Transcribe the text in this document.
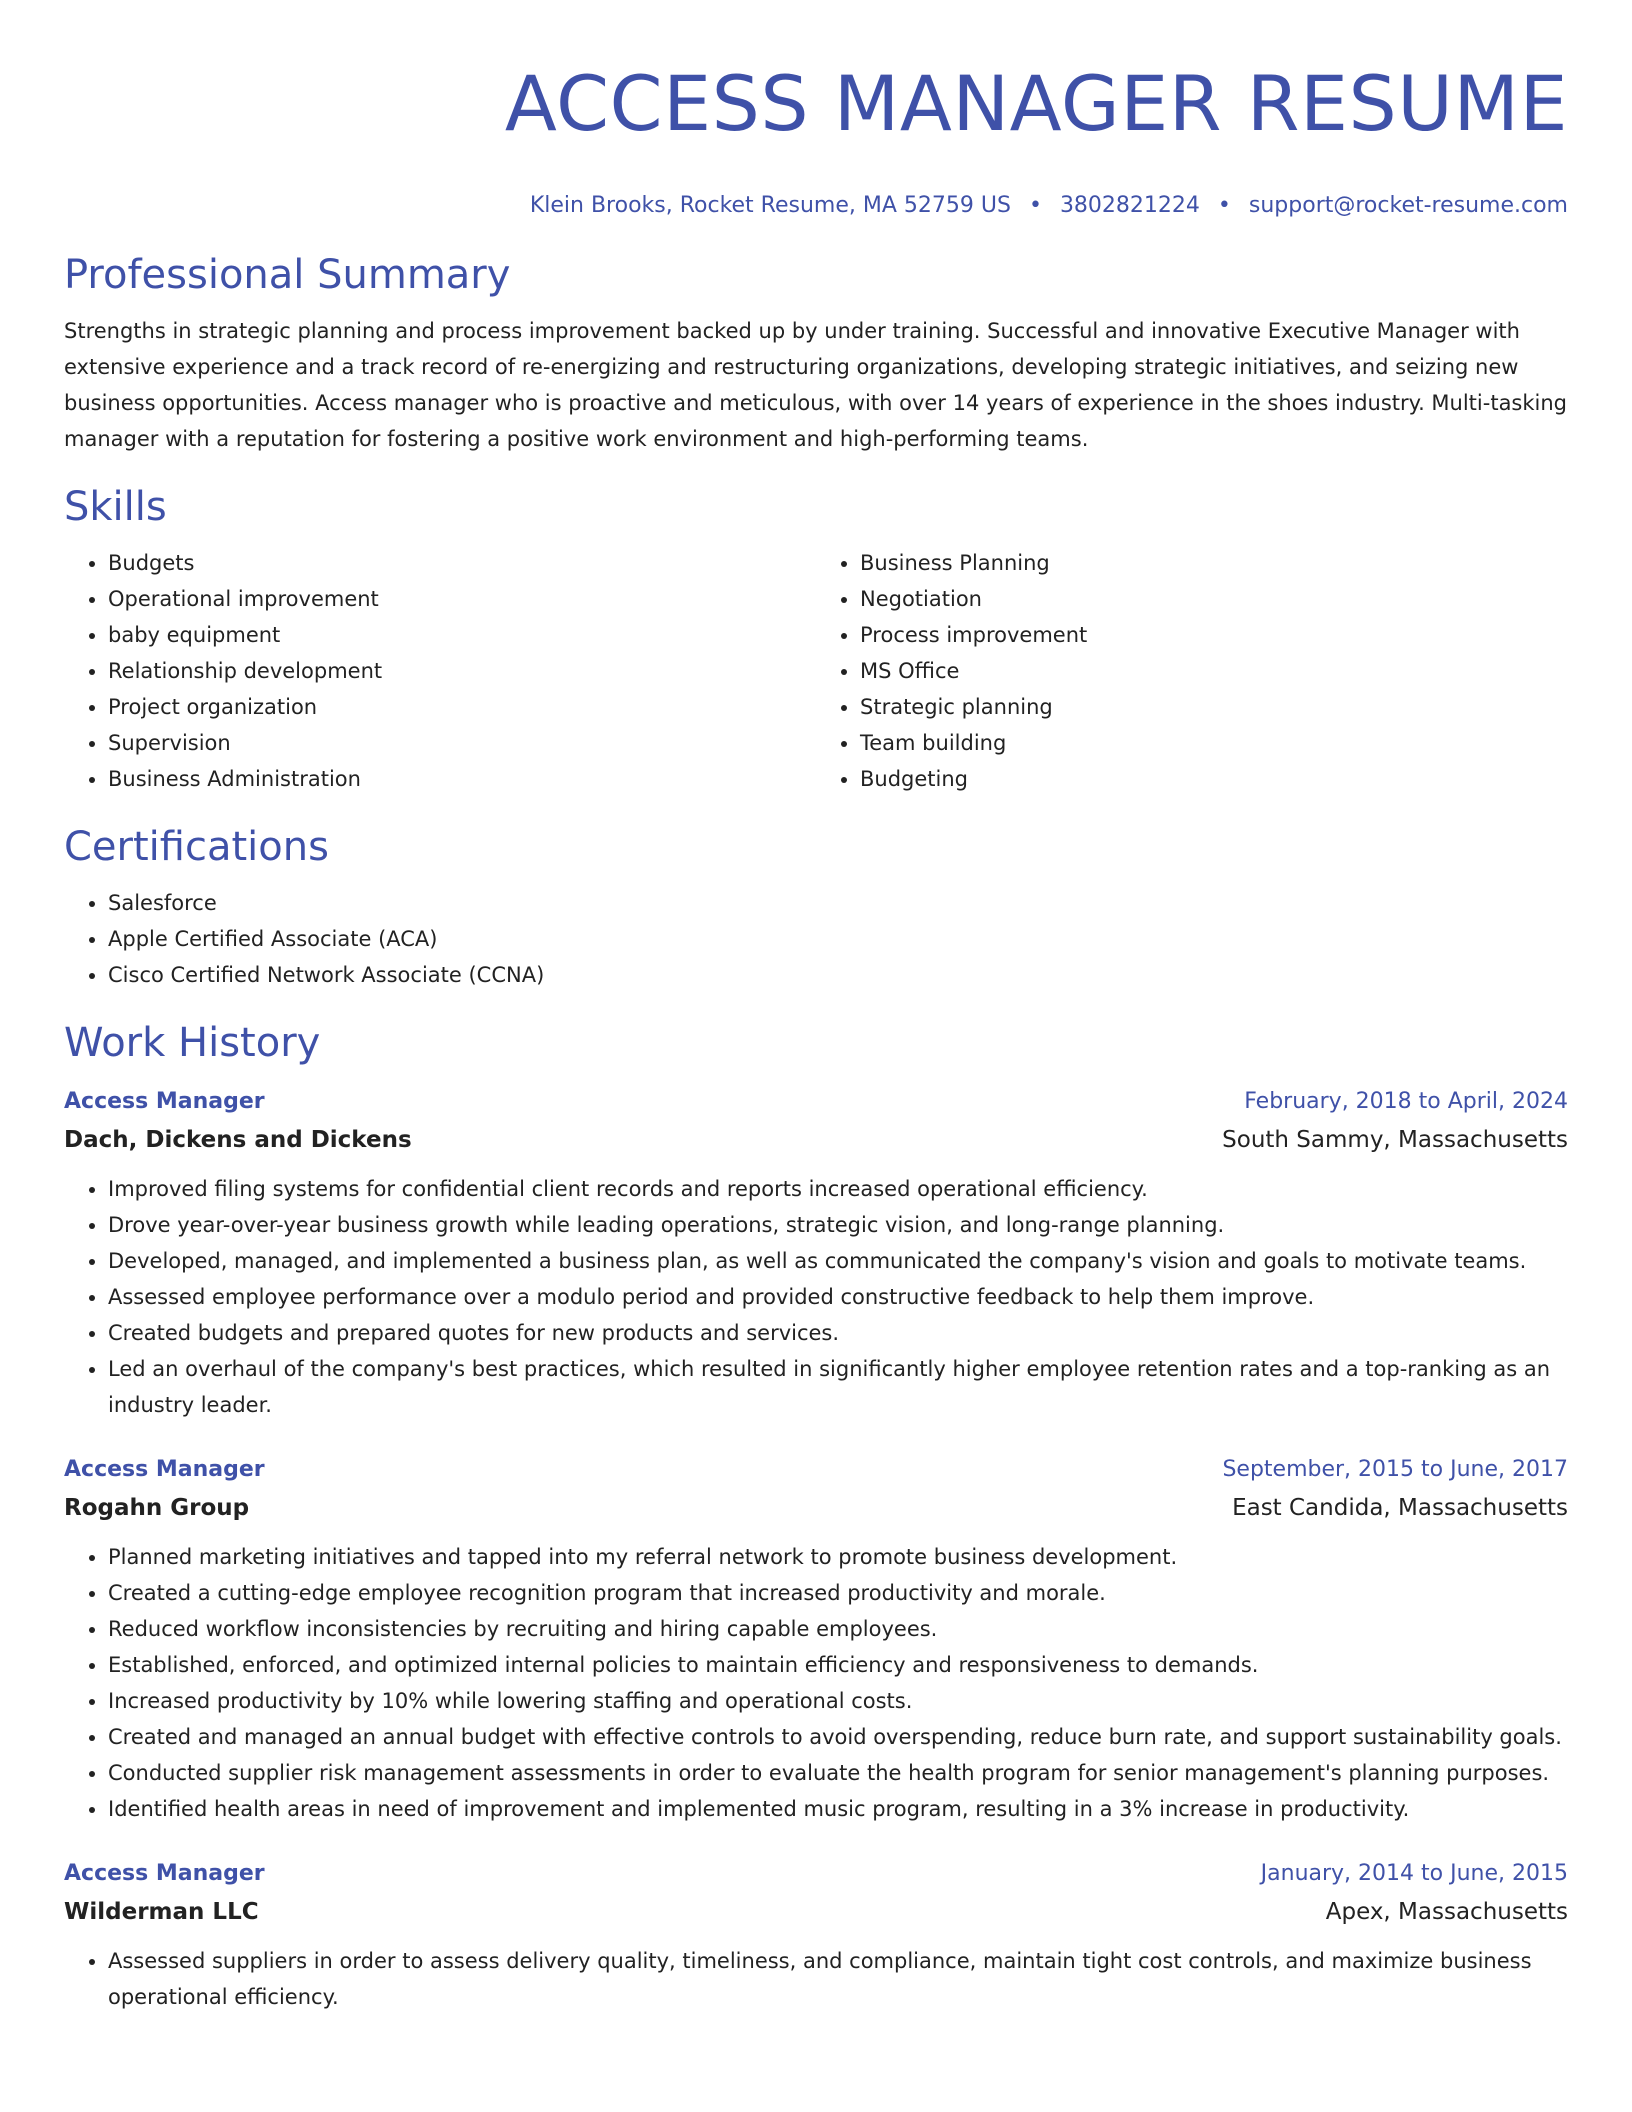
ACCESS MANAGER RESUME
Klein Brooks, Rocket Resume, MA 52759 US • 3802821224 • support@rocket-resume.com
Professional Summary

Strengths in strategic planning and process improvement backed up by under training. Successful and innovative Executive Manager with extensive experience and a track record of re-energizing and restructuring organizations, developing strategic initiatives, and seizing new business opportunities. Access manager who is proactive and meticulous, with over 14 years of experience in the shoes industry. Multi-tasking manager with a reputation for fostering a positive work environment and high-performing teams.

Skills
• Budgets
• Operational improvement
• baby equipment
• Relationship development
• Project organization
• Supervision
• Business Administration
• Business Planning
• Negotiation
• Process improvement
• MS Office
• Strategic planning
• Team building
• Budgeting
Certifications
• Salesforce
• Apple Certified Associate (ACA)
• Cisco Certified Network Associate (CCNA)
Work History
Access Manager	February, 2018 to April, 2024
Dach, Dickens and Dickens	South Sammy, Massachusetts
• Improved filing systems for confidential client records and reports increased operational efficiency.
• Drove year-over-year business growth while leading operations, strategic vision, and long-range planning.
• Developed, managed, and implemented a business plan, as well as communicated the company's vision and goals to motivate teams.
• Assessed employee performance over a modulo period and provided constructive feedback to help them improve.
• Created budgets and prepared quotes for new products and services.
• Led an overhaul of the company's best practices, which resulted in significantly higher employee retention rates and a top-ranking as an industry leader.
Access Manager	September, 2015 to June, 2017
Rogahn Group	East Candida, Massachusetts
• Planned marketing initiatives and tapped into my referral network to promote business development.
• Created a cutting-edge employee recognition program that increased productivity and morale.
• Reduced workflow inconsistencies by recruiting and hiring capable employees.
• Established, enforced, and optimized internal policies to maintain efficiency and responsiveness to demands.
• Increased productivity by 10% while lowering staffing and operational costs.
• Created and managed an annual budget with effective controls to avoid overspending, reduce burn rate, and support sustainability goals.
• Conducted supplier risk management assessments in order to evaluate the health program for senior management's planning purposes.
• Identified health areas in need of improvement and implemented music program, resulting in a 3% increase in productivity.
Access Manager	January, 2014 to June, 2015
Wilderman LLC	Apex, Massachusetts
• Assessed suppliers in order to assess delivery quality, timeliness, and compliance, maintain tight cost controls, and maximize business operational efficiency.
